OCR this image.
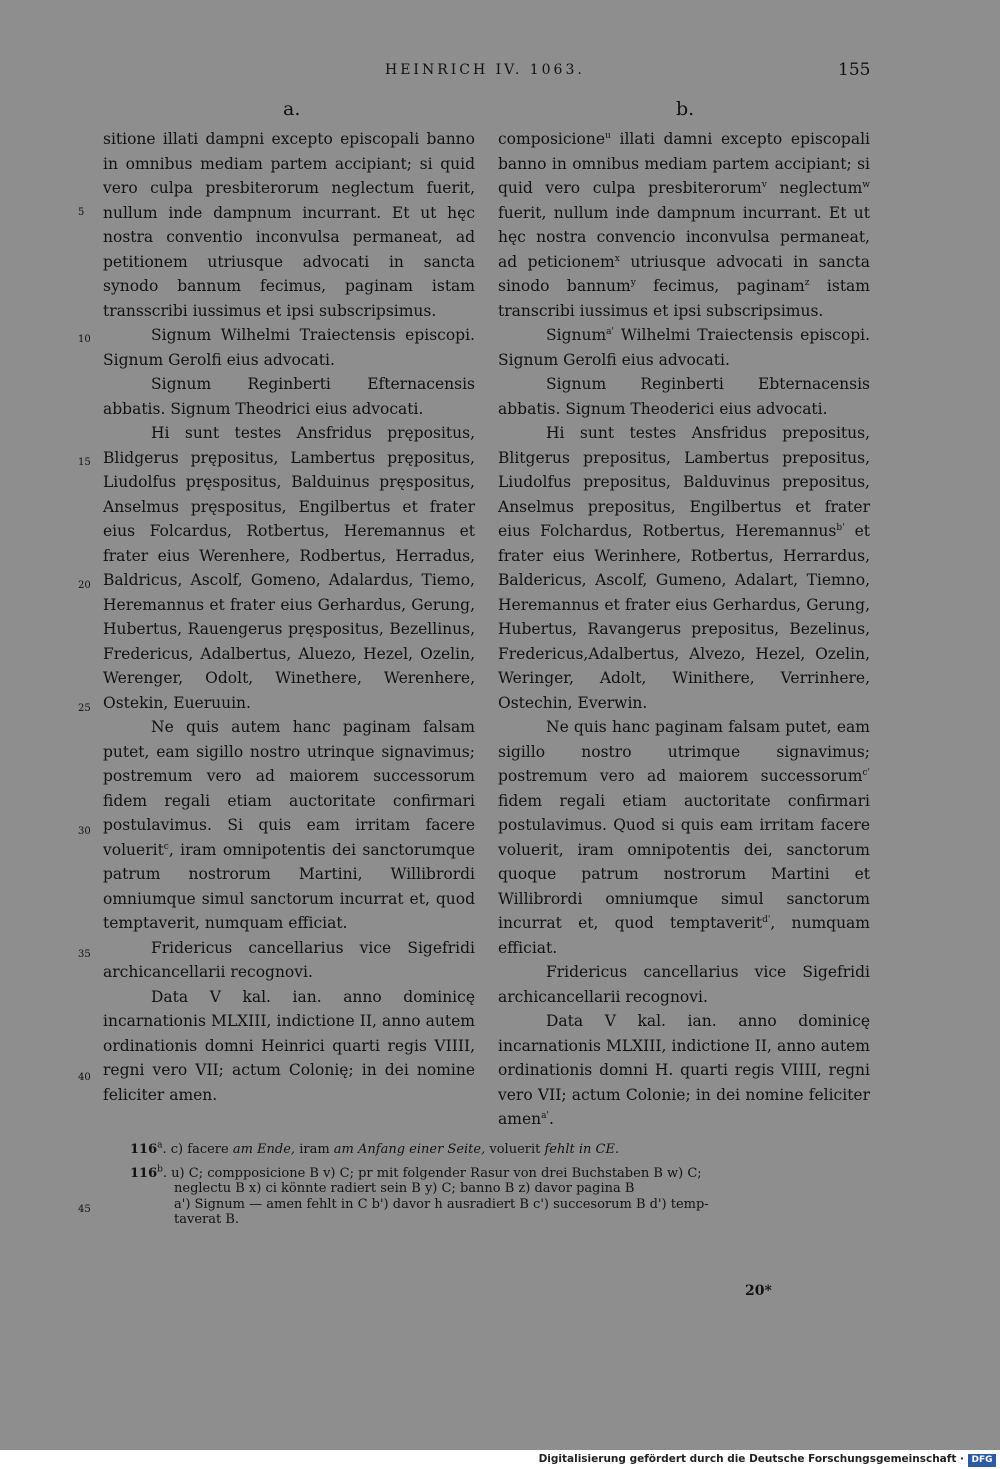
HEINRICH IV. 1063.	155
a.	b.
5
10
15
20
25
30
35
40
45

sitione illati dampni excepto episcopali banno in omnibus mediam partem accipiant; si quid vero culpa presbiterorum neglectum fuerit, nullum inde dampnum incurrant. Et ut hęc nostra conventio inconvulsa permaneat, ad petitionem utriusque advocati in sancta synodo bannum fecimus, paginam istam transscribi iussimus et ipsi subscripsimus.

Signum Wilhelmi Traiectensis episcopi. Signum Gerolfi eius advocati.

Signum Reginberti Efternacensis abbatis. Signum Theodrici eius advocati.

Hi sunt testes Ansfridus prępositus, Blidgerus prępositus, Lambertus prępositus, Liudolfus pręspositus, Balduinus pręspositus, Anselmus pręspositus, Engilbertus et frater eius Folcardus, Rotbertus, Heremannus et frater eius Werenhere, Rodbertus, Herradus, Baldricus, Ascolf, Gomeno, Adalardus, Tiemo, Heremannus et frater eius Gerhardus, Gerung, Hubertus, Rauengerus pręspositus, Bezellinus, Fredericus, Adalbertus, Aluezo, Hezel, Ozelin, Werenger, Odolt, Winethere, Werenhere, Ostekin, Eueruuin.

Ne quis autem hanc paginam falsam putet, eam sigillo nostro utrinque signavimus; postremum vero ad maiorem successorum fidem regali etiam auctoritate confirmari postulavimus. Si quis eam irritam facere voluerit$^c$, iram omnipotentis dei sanctorumque patrum nostrorum Martini, Willibrordi omniumque simul sanctorum incurrat et, quod temptaverit, numquam efficiat.

Fridericus cancellarius vice Sigefridi archicancellarii recognovi.

Data V kal. ian. anno dominicę incarnationis MLXIII, indictione II, anno autem ordinationis domni Heinrici quarti regis VIIII, regni vero VII; actum Colonię; in dei nomine feliciter amen.

composicione$^u$ illati damni excepto episcopali banno in omnibus mediam partem accipiant; si quid vero culpa presbiterorum$^v$ neglectum$^w$ fuerit, nullum inde dampnum incurrant. Et ut hęc nostra convencio inconvulsa permaneat, ad peticionem$^x$ utriusque advocati in sancta sinodo bannum$^y$ fecimus, paginam$^z$ istam transcribi iussimus et ipsi subscripsimus.

Signum$^{a'}$ Wilhelmi Traiectensis episcopi. Signum Gerolfi eius advocati.

Signum Reginberti Ebternacensis abbatis. Signum Theoderici eius advocati.

Hi sunt testes Ansfridus prepositus, Blitgerus prepositus, Lambertus prepositus, Liudolfus prepositus, Balduvinus prepositus, Anselmus prepositus, Engilbertus et frater eius Folchardus, Rotbertus, Heremannus$^{b'}$ et frater eius Werinhere, Rotbertus, Herrardus, Baldericus, Ascolf, Gumeno, Adalart, Tiemno, Heremannus et frater eius Gerhardus, Gerung, Hubertus, Ravangerus prepositus, Bezelinus, Fredericus,Adalbertus, Alvezo, Hezel, Ozelin, Weringer, Adolt, Winithere, Verrinhere, Ostechin, Everwin.

Ne quis hanc paginam falsam putet, eam sigillo nostro utrimque signavimus; postremum vero ad maiorem successorum$^{c'}$ fidem regali etiam auctoritate confirmari postulavimus. Quod si quis eam irritam facere voluerit, iram omnipotentis dei, sanctorum quoque patrum nostrorum Martini et Willibrordi omniumque simul sanctorum incurrat et, quod temptaverit$^{d'}$, numquam efficiat.

Fridericus cancellarius vice Sigefridi archicancellarii recognovi.

Data V kal. ian. anno dominicę incarnationis MLXIII, indictione II, anno autem ordinationis domni H. quarti regis VIIII, regni vero VII; actum Colonie; in dei nomine feliciter amen$^{a'}$.

116$^a$. c) facere am Ende, iram am Anfang einer Seite, voluerit fehlt in CE.
116$^b$. u) C; compposicione B v) C; pr mit folgender Rasur von drei Buchstaben B w) C;
neglectu B x) ci könnte radiert sein B y) C; banno B z) davor pagina B
a') Signum — amen fehlt in C b') davor h ausradiert B c') succesorum B d') temp-
taverat B.
20*
Digitalisierung gefördert durch die Deutsche Forschungsgemeinschaft · DFG
